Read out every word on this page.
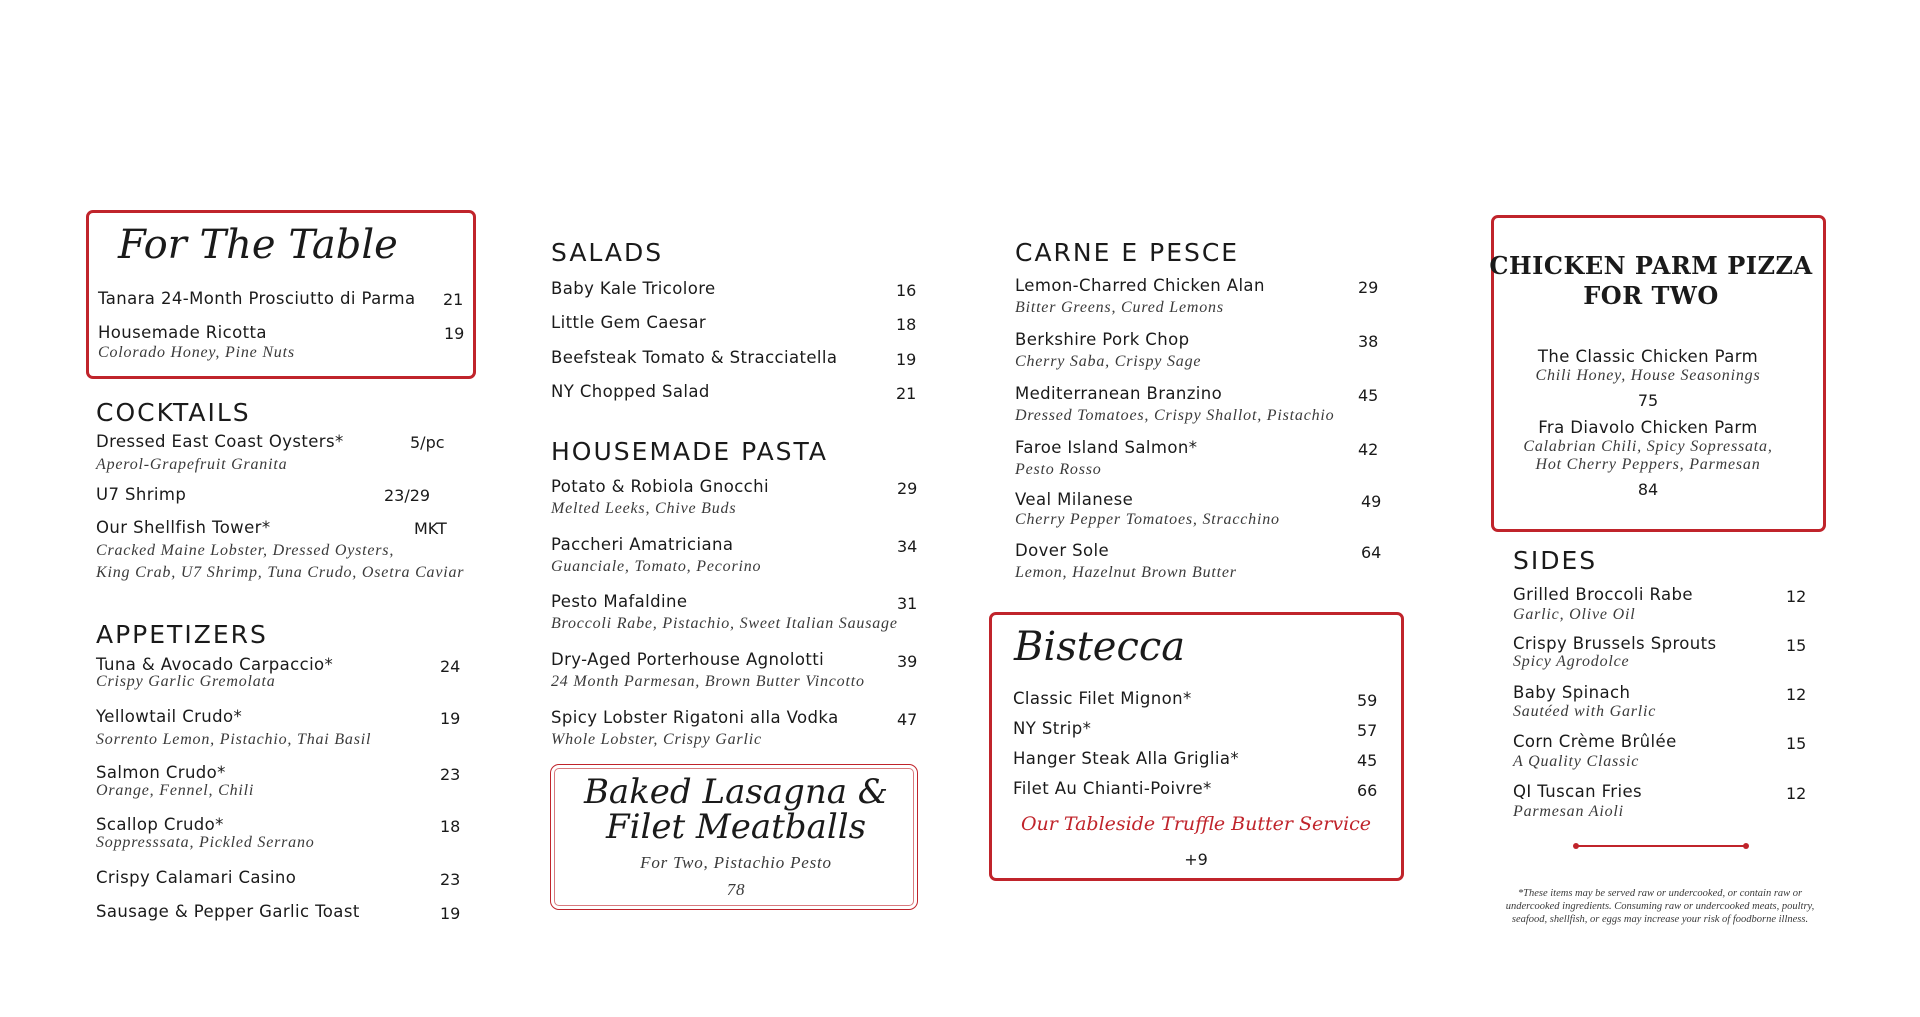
For The Table
Tanara 24-Month Prosciutto di Parma 21
Housemade Ricotta	19
Colorado Honey, Pine Nuts
COCKTAILS
Dressed East Coast Oysters*	5/pc
Aperol-Grapefruit Granita
U7 Shrimp	23/29
Our Shellfish Tower*	MKT
Cracked Maine Lobster, Dressed Oysters,
King Crab, U7 Shrimp, Tuna Crudo, Osetra Caviar
APPETIZERS
Tuna & Avocado Carpaccio*	24
Crispy Garlic Gremolata
Yellowtail Crudo*	19
Sorrento Lemon, Pistachio, Thai Basil
Salmon Crudo*	23
Orange, Fennel, Chili
Scallop Crudo*	18
Soppresssata, Pickled Serrano
Crispy Calamari Casino	23
Sausage & Pepper Garlic Toast	19
SALADS
Baby Kale Tricolore	16
Little Gem Caesar	18
Beefsteak Tomato & Stracciatella	19
NY Chopped Salad	21
HOUSEMADE PASTA
Potato & Robiola Gnocchi	29
Melted Leeks, Chive Buds
Paccheri Amatriciana	34
Guanciale, Tomato, Pecorino
Pesto Mafaldine	31
Broccoli Rabe, Pistachio, Sweet Italian Sausage
Dry-Aged Porterhouse Agnolotti	39
24 Month Parmesan, Brown Butter Vincotto
Spicy Lobster Rigatoni alla Vodka	47
Whole Lobster, Crispy Garlic
Baked Lasagna &
Filet Meatballs
For Two, Pistachio Pesto
78
CARNE E PESCE
Lemon-Charred Chicken Alan	29
Bitter Greens, Cured Lemons
Berkshire Pork Chop	38
Cherry Saba, Crispy Sage
Mediterranean Branzino	45
Dressed Tomatoes, Crispy Shallot, Pistachio
Faroe Island Salmon*	42
Pesto Rosso
Veal Milanese	49
Cherry Pepper Tomatoes, Stracchino
Dover Sole	64
Lemon, Hazelnut Brown Butter
Bistecca
Classic Filet Mignon*	59
NY Strip*	57
Hanger Steak Alla Griglia*	45
Filet Au Chianti-Poivre*	66
Our Tableside Truffle Butter Service
+9
CHICKEN PARM PIZZA
FOR TWO
The Classic Chicken Parm
Chili Honey, House Seasonings
75
Fra Diavolo Chicken Parm
Calabrian Chili, Spicy Sopressata,
Hot Cherry Peppers, Parmesan
84
SIDES
Grilled Broccoli Rabe	12
Garlic, Olive Oil
Crispy Brussels Sprouts	15
Spicy Agrodolce
Baby Spinach	12
Sautéed with Garlic
Corn Crème Brûlée	15
A Quality Classic
QI Tuscan Fries	12
Parmesan Aioli
*These items may be served raw or undercooked, or contain raw or
undercooked ingredients. Consuming raw or undercooked meats, poultry,
seafood, shellfish, or eggs may increase your risk of foodborne illness.
